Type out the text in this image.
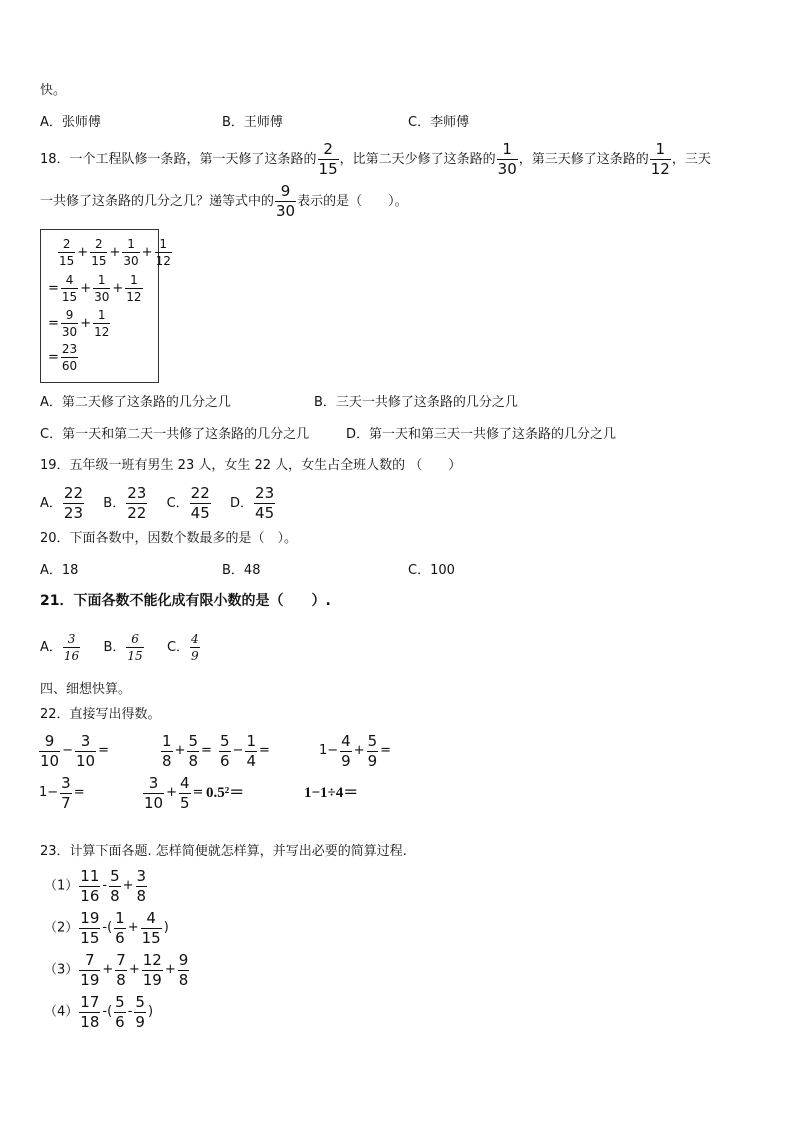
快。
A．张师傅	B．王师傅	C．李师傅
18．一个工程队修一条路，第一天修了这条路的 $\frac{2}{15}$ ，比第二天少修了这条路的 $\frac{1}{30}$ ，第三天修了这条路的 $\frac{1}{12}$ ，三天
一共修了这条路的几分之几？递等式中的 $\frac{9}{30}$ 表示的是（　　）。
$\frac{2}{15} + \frac{2}{15} + \frac{1}{30} + \frac{1}{12}$
= $\frac{4}{15} + \frac{1}{30} + \frac{1}{12}$
= $\frac{9}{30} + \frac{1}{12}$
= $\frac{23}{60}$
A．第二天修了这条路的几分之几	B．三天一共修了这条路的几分之几
C．第一天和第二天一共修了这条路的几分之几	D．第一天和第三天一共修了这条路的几分之几
19．五年级一班有男生 23 人，女生 22 人，女生占全班人数的 （　　）
A． $\frac{22}{23}$ B． $\frac{23}{22}$ C． $\frac{22}{45}$ D． $\frac{23}{45}$
20．下面各数中，因数个数最多的是（　）。
A．18	B．48	C．100
21．下面各数不能化成有限小数的是（　　）.
A． $\frac{3}{16}$ B． $\frac{6}{15}$ C． $\frac{4}{9}$
四、细想快算。
22．直接写出得数。
$\frac{9}{10} - \frac{3}{10}$ =	$\frac{1}{8} + \frac{5}{8} = \frac{5}{6} - \frac{1}{4}$ =	$1- \frac{4}{9} + \frac{5}{9}$ =
$1- \frac{3}{7}$ =	$\frac{3}{10} + \frac{4}{5} = 0.5^2=$	1−1÷4＝
23．计算下面各题. 怎样简便就怎样算，并写出必要的简算过程.
$(1) \frac{11}{16} - \frac{5}{8} + \frac{3}{8}$
$(2) \frac{19}{15}$ -( $\frac{1}{6} + \frac{4}{15}$ )
$(3) \frac{7}{19} + \frac{7}{8} + \frac{12}{19} + \frac{9}{8}$
$(4) \frac{17}{18}$ -( $\frac{5}{6} - \frac{5}{9}$ )
